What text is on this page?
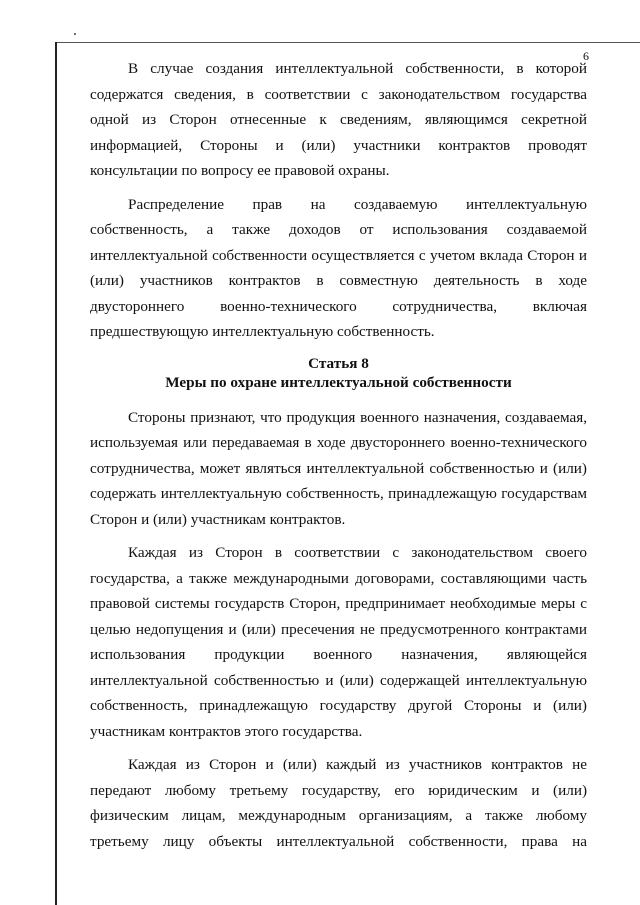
6

В случае создания интеллектуальной собственности, в которой содержатся сведения, в соответствии с законодательством государства одной из Сторон отнесенные к сведениям, являющимся секретной информацией, Стороны и (или) участники контрактов проводят консультации по вопросу ее правовой охраны.

Распределение прав на создаваемую интеллектуальную собственность, а также доходов от использования создаваемой интеллектуальной собственности осуществляется с учетом вклада Сторон и (или) участников контрактов в совместную деятельность в ходе двустороннего военно-технического сотрудничества, включая предшествующую интеллектуальную собственность.

Статья 8
Меры по охране интеллектуальной собственности

Стороны признают, что продукция военного назначения, создаваемая, используемая или передаваемая в ходе двустороннего военно-технического сотрудничества, может являться интеллектуальной собственностью и (или) содержать интеллектуальную собственность, принадлежащую государствам Сторон и (или) участникам контрактов.

Каждая из Сторон в соответствии с законодательством своего государства, а также международными договорами, составляющими часть правовой системы государств Сторон, предпринимает необходимые меры с целью недопущения и (или) пресечения не предусмотренного контрактами использования продукции военного назначения, являющейся интеллектуальной собственностью и (или) содержащей интеллектуальную собственность, принадлежащую государству другой Стороны и (или) участникам контрактов этого государства.

Каждая из Сторон и (или) каждый из участников контрактов не передают любому третьему государству, его юридическим и (или) физическим лицам, международным организациям, а также любому третьему лицу объекты интеллектуальной собственности, права на
